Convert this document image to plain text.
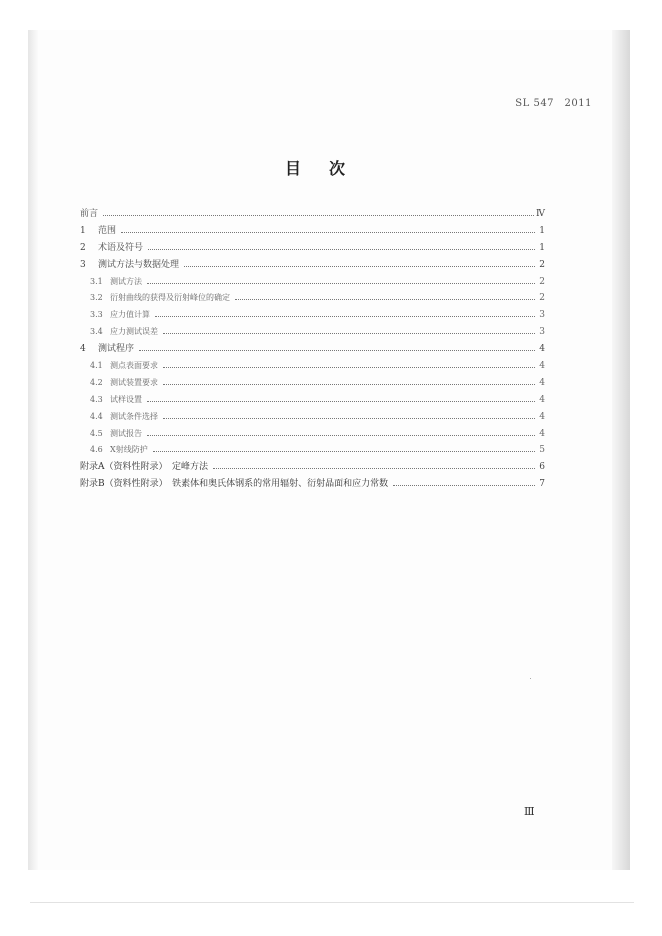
SL 547 2011
目次
前言	Ⅳ
1	范围	1
2	术语及符号	1
3	测试方法与数据处理	2
3.1 测试方法	2
3.2 衍射曲线的获得及衍射峰位的确定	2
3.3 应力值计算	3
3.4 应力测试误差	3
4	测试程序	4
4.1 测点表面要求	4
4.2 测试装置要求	4
4.3 试样设置	4
4.4 测试条件选择	4
4.5 测试报告	4
4.6 X射线防护	5
附录A（资料性附录）　定峰方法	6
附录B（资料性附录）　铁素体和奥氏体钢系的常用辐射、衍射晶面和应力常数	7
Ⅲ
